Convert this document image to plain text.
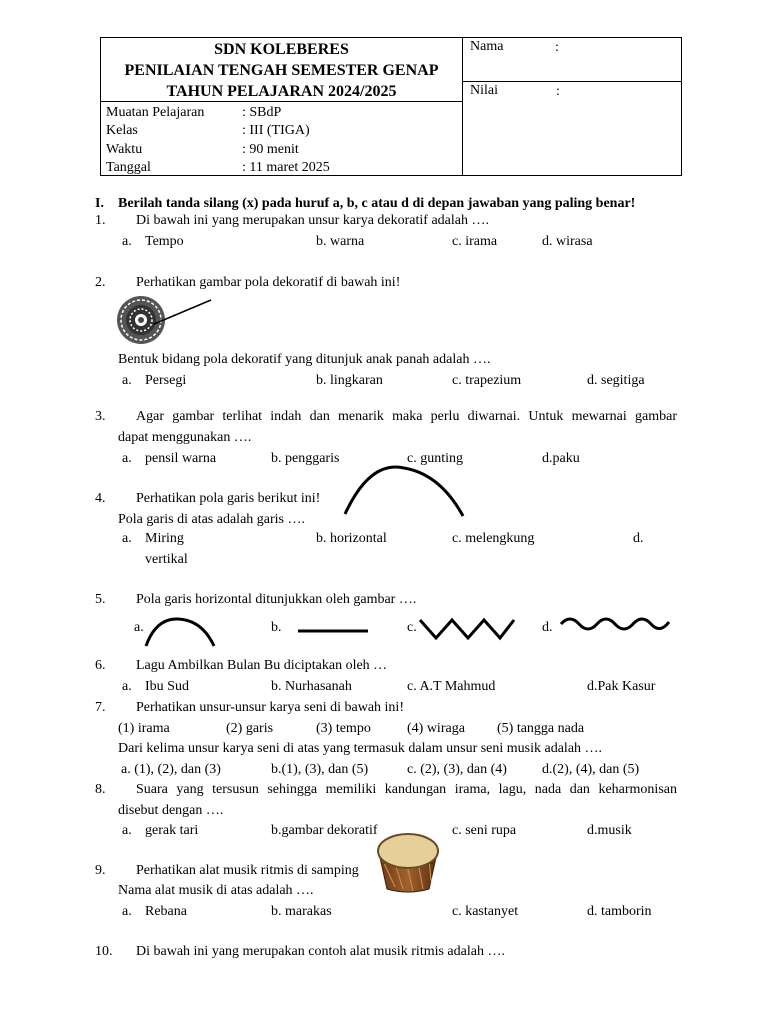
SDN KOLEBERES
PENILAIAN TENGAH SEMESTER GENAP
TAHUN PELAJARAN 2024/2025
Nama	:
Nilai	:
Muatan Pelajaran	: SBdP
Kelas	: III (TIGA)
Waktu	: 90 menit
Tanggal	: 11 maret 2025
I. Berilah tanda silang (x) pada huruf a, b, c atau d di depan jawaban yang paling benar!
1. Di bawah ini yang merupakan unsur karya dekoratif adalah ….
a. Tempo	b. warna	c. irama	d. wirasa
2. Perhatikan gambar pola dekoratif di bawah ini!
Bentuk bidang pola dekoratif yang ditunjuk anak panah adalah ….
a. Persegi	b. lingkaran	c. trapezium	d. segitiga
3. Agar gambar terlihat indah dan menarik maka perlu diwarnai. Untuk mewarnai gambar
dapat menggunakan ….
a. pensil warna	b. penggaris	c. gunting	d.paku
4. Perhatikan pola garis berikut ini!
Pola garis di atas adalah garis ….
a. Miring	b. horizontal	c. melengkung	d.
vertikal
5. Pola garis horizontal ditunjukkan oleh gambar ….
a.	b.	c.	d.
6. Lagu Ambilkan Bulan Bu diciptakan oleh …
a. Ibu Sud	b. Nurhasanah	c. A.T Mahmud	d.Pak Kasur
7. Perhatikan unsur-unsur karya seni di bawah ini!
(1) irama	(2) garis	(3) tempo	(4) wiraga (5) tangga nada
Dari kelima unsur karya seni di atas yang termasuk dalam unsur seni musik adalah ….
a. (1), (2), dan (3)	b.(1), (3), dan (5)	c. (2), (3), dan (4)	d.(2), (4), dan (5)
8. Suara yang tersusun sehingga memiliki kandungan irama, lagu, nada dan keharmonisan
disebut dengan ….
a. gerak tari	b.gambar dekoratif	c. seni rupa	d.musik
9. Perhatikan alat musik ritmis di samping
Nama alat musik di atas adalah ….
a. Rebana	b. marakas	c. kastanyet	d. tamborin
10. Di bawah ini yang merupakan contoh alat musik ritmis adalah ….
